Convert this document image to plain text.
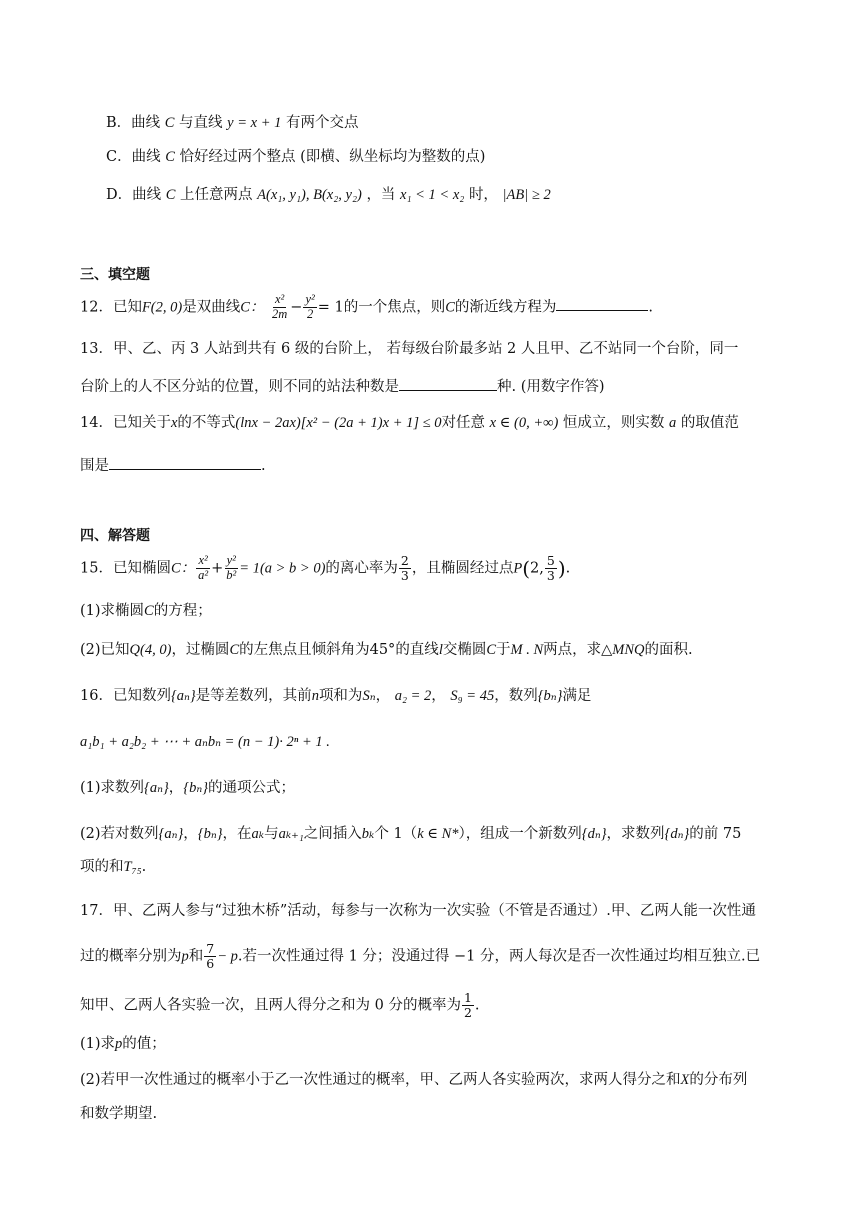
B．曲线 C 与直线 y = x + 1 有两个交点
C．曲线 C 恰好经过两个整点 (即横、纵坐标均为整数的点)
D．曲线 C 上任意两点 A(x₁, y₁), B(x₂, y₂) ，当 x₁ < 1 < x₂ 时， |AB| ≥ 2
三、填空题
12．已知F(2, 0)是双曲线C： $\frac{\text{x²}}{2m} - \frac{\text{y²}}{2} = 1$的一个焦点，则C的渐近线方程为	.
13．甲、乙、丙 3 人站到共有 6 级的台阶上， 若每级台阶最多站 2 人且甲、乙不站同一个台阶，同一
台阶上的人不区分站的位置，则不同的站法种数是	种. (用数字作答)
14．已知关于x的不等式(lnx − 2ax)[x² − (2a + 1)x + 1] ≤ 0对任意 x ∈ (0, +∞) 恒成立，则实数 a 的取值范
围是	.
四、解答题
15．已知椭圆C： $\frac{\text{x²}}{\text{a²}} + \frac{\text{y²}}{\text{b²}} = 1(a > b > 0)$的离心率为 $\frac{2}{3}$ ，且椭圆经过点P(2, $\frac{5}{3}$ ).
(1)求椭圆C的方程；
(2)已知Q(4, 0)，过椭圆C的左焦点且倾斜角为45°的直线l交椭圆C于M . N两点，求△MNQ的面积.
16．已知数列{aₙ}是等差数列，其前n项和为Sₙ， a₂ = 2， S₉ = 45，数列{bₙ}满足
a₁b₁ + a₂b₂ + ⋯ + aₙbₙ = (n − 1)· 2ⁿ + 1 .
(1)求数列{aₙ}，{bₙ}的通项公式；
(2)若对数列{aₙ}，{bₙ}，在aₖ与aₖ₊₁之间插入bₖ个 1（k ∈ N*），组成一个新数列{dₙ}，求数列{dₙ}的前 75
项的和T₇₅.
17．甲、乙两人参与“过独木桥”活动，每参与一次称为一次实验（不管是否通过）.甲、乙两人能一次性通
过的概率分别为p和 $\frac{7}{6} - p$.若一次性通过得 1 分；没通过得 −1 分，两人每次是否一次性通过均相互独立.已
知甲、乙两人各实验一次，且两人得分之和为 0 分的概率为 $\frac{1}{2}$ .
(1)求p的值；
(2)若甲一次性通过的概率小于乙一次性通过的概率，甲、乙两人各实验两次，求两人得分之和X的分布列
和数学期望.
